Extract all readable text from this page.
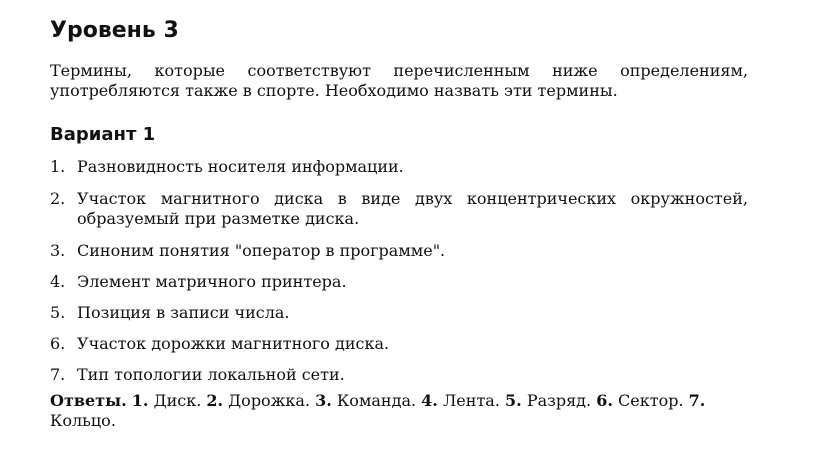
Уровень 3

Термины, которые соответствуют перечисленным ниже определениям, употребляются также в спорте. Необходимо назвать эти термины.

Вариант 1
1. Разновидность носителя информации.
2. Участок магнитного диска в виде двух концентрических окружностей, образуемый при разметке диска.
3. Синоним понятия "оператор в программе".
4. Элемент матричного принтера.
5. Позиция в записи числа.
6. Участок дорожки магнитного диска.
7. Тип топологии локальной сети.

Ответы. 1. Диск. 2. Дорожка. 3. Команда. 4. Лента. 5. Разряд. 6. Сектор. 7. Кольцо.
